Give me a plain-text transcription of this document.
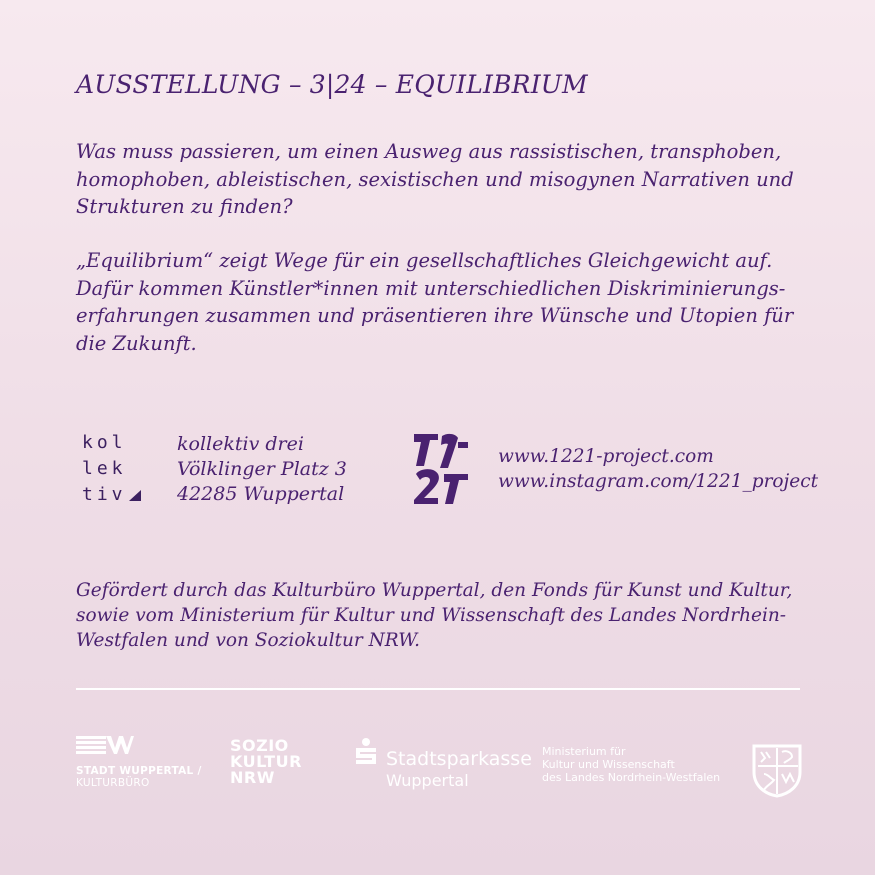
AUSSTELLUNG – 3|24 – EQUILIBRIUM

Was muss passieren, um einen Ausweg aus rassistischen, transphoben, homophoben, ableistischen, sexistischen und misogynen Narrativen und Strukturen zu finden?

„Equilibrium“ zeigt Wege für ein gesellschaftliches Gleichgewicht auf. Dafür kommen Künstler*innen mit unterschiedlichen Diskriminierungs-erfahrungen zusammen und präsentieren ihre Wünsche und Utopien für die Zukunft.

kol
lek
tiv
kollektiv drei
Völklinger Platz 3
42285 Wuppertal
www.1221-project.com
www.instagram.com/1221_project

Gefördert durch das Kulturbüro Wuppertal, den Fonds für Kunst und Kultur, sowie vom Ministerium für Kultur und Wissenschaft des Landes Nordrhein-Westfalen und von Soziokultur NRW.

STADT WUPPERTAL /
KULTURBÜRO
SOZIO
KULTUR
NRW
Stadtsparkasse
Wuppertal
Ministerium für
Kultur und Wissenschaft
des Landes Nordrhein-Westfalen
